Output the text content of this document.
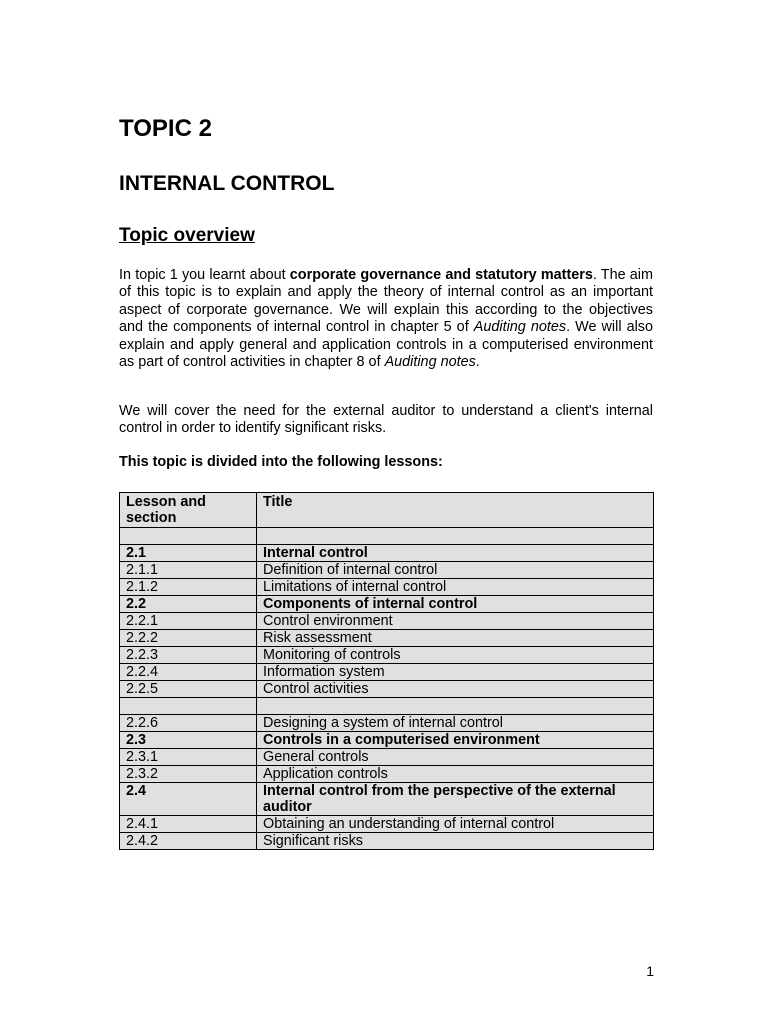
TOPIC 2
INTERNAL CONTROL
Topic overview

In topic 1 you learnt about corporate governance and statutory matters. The aim of this topic is to explain and apply the theory of internal control as an important aspect of corporate governance. We will explain this according to the objectives and the components of internal control in chapter 5 of Auditing notes. We will also explain and apply general and application controls in a computerised environment as part of control activities in chapter 8 of Auditing notes.

We will cover the need for the external auditor to understand a client's internal control in order to identify significant risks.

This topic is divided into the following lessons:

Lesson and section	Title

2.1	Internal control
2.1.1	Definition of internal control
2.1.2	Limitations of internal control
2.2	Components of internal control
2.2.1	Control environment
2.2.2	Risk assessment
2.2.3	Monitoring of controls
2.2.4	Information system
2.2.5	Control activities

2.2.6	Designing a system of internal control
2.3	Controls in a computerised environment
2.3.1	General controls
2.3.2	Application controls
2.4	Internal control from the perspective of the external auditor
2.4.1	Obtaining an understanding of internal control
2.4.2	Significant risks
1
